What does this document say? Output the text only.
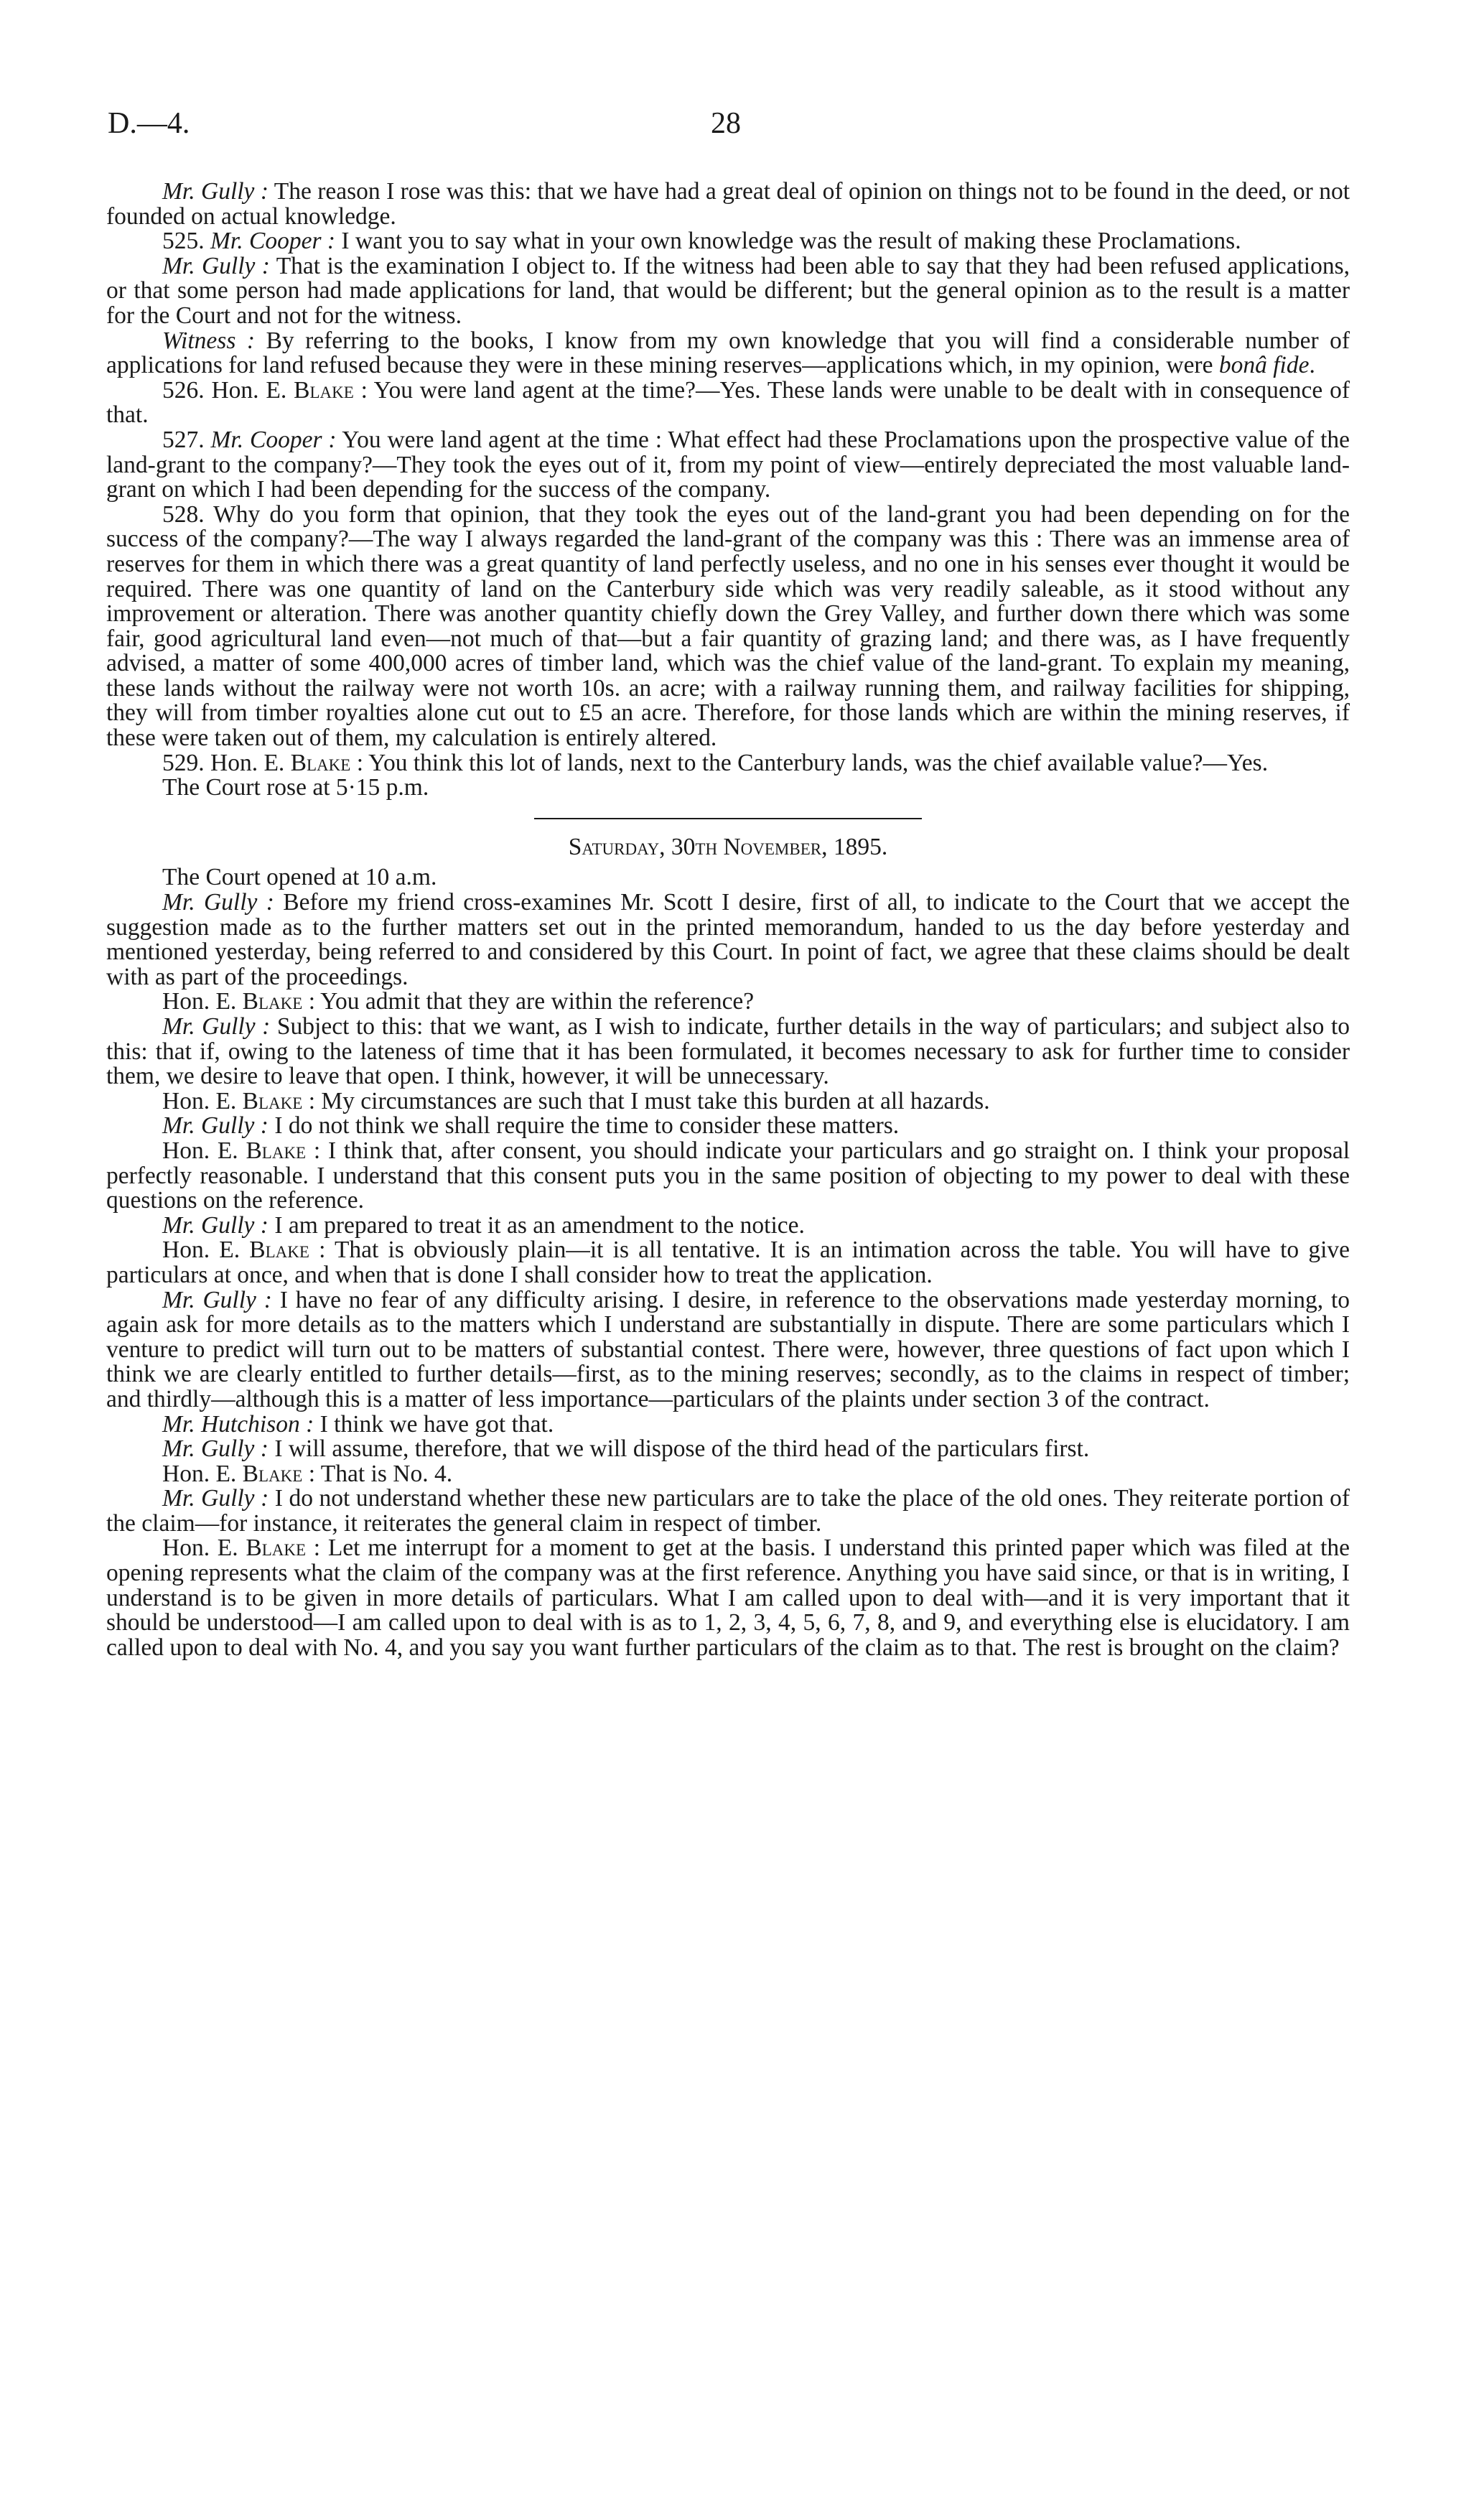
D.—4.	28

Mr. Gully : The reason I rose was this: that we have had a great deal of opinion on things not to be found in the deed, or not founded on actual knowledge.

525. Mr. Cooper : I want you to say what in your own knowledge was the result of making these Proclamations.

Mr. Gully : That is the examination I object to. If the witness had been able to say that they had been refused applications, or that some person had made applications for land, that would be different; but the general opinion as to the result is a matter for the Court and not for the witness.

Witness : By referring to the books, I know from my own knowledge that you will find a considerable number of applications for land refused because they were in these mining reserves—applications which, in my opinion, were bonâ fide.

526. Hon. E. Blake : You were land agent at the time?—Yes. These lands were unable to be dealt with in consequence of that.

527. Mr. Cooper : You were land agent at the time : What effect had these Proclamations upon the prospective value of the land-grant to the company?—They took the eyes out of it, from my point of view—entirely depreciated the most valuable land-grant on which I had been depending for the success of the company.

528. Why do you form that opinion, that they took the eyes out of the land-grant you had been depending on for the success of the company?—The way I always regarded the land-grant of the company was this : There was an immense area of reserves for them in which there was a great quantity of land perfectly useless, and no one in his senses ever thought it would be required. There was one quantity of land on the Canterbury side which was very readily saleable, as it stood without any improvement or alteration. There was another quantity chiefly down the Grey Valley, and further down there which was some fair, good agricultural land even—not much of that—but a fair quantity of grazing land; and there was, as I have frequently advised, a matter of some 400,000 acres of timber land, which was the chief value of the land-grant. To explain my meaning, these lands without the railway were not worth 10s. an acre; with a railway running them, and railway facilities for shipping, they will from timber royalties alone cut out to £5 an acre. Therefore, for those lands which are within the mining reserves, if these were taken out of them, my calculation is entirely altered.

529. Hon. E. Blake : You think this lot of lands, next to the Canterbury lands, was the chief available value?—Yes.

The Court rose at 5·15 p.m.

Saturday, 30th November, 1895.

The Court opened at 10 a.m.

Mr. Gully : Before my friend cross-examines Mr. Scott I desire, first of all, to indicate to the Court that we accept the suggestion made as to the further matters set out in the printed memorandum, handed to us the day before yesterday and mentioned yesterday, being referred to and considered by this Court. In point of fact, we agree that these claims should be dealt with as part of the proceedings.

Hon. E. Blake : You admit that they are within the reference?

Mr. Gully : Subject to this: that we want, as I wish to indicate, further details in the way of particulars; and subject also to this: that if, owing to the lateness of time that it has been formulated, it becomes necessary to ask for further time to consider them, we desire to leave that open. I think, however, it will be unnecessary.

Hon. E. Blake : My circumstances are such that I must take this burden at all hazards.

Mr. Gully : I do not think we shall require the time to consider these matters.

Hon. E. Blake : I think that, after consent, you should indicate your particulars and go straight on. I think your proposal perfectly reasonable. I understand that this consent puts you in the same position of objecting to my power to deal with these questions on the reference.

Mr. Gully : I am prepared to treat it as an amendment to the notice.

Hon. E. Blake : That is obviously plain—it is all tentative. It is an intimation across the table. You will have to give particulars at once, and when that is done I shall consider how to treat the application.

Mr. Gully : I have no fear of any difficulty arising. I desire, in reference to the observations made yesterday morning, to again ask for more details as to the matters which I understand are substantially in dispute. There are some particulars which I venture to predict will turn out to be matters of substantial contest. There were, however, three questions of fact upon which I think we are clearly entitled to further details—first, as to the mining reserves; secondly, as to the claims in respect of timber; and thirdly—although this is a matter of less importance—particulars of the plaints under section 3 of the contract.

Mr. Hutchison : I think we have got that.

Mr. Gully : I will assume, therefore, that we will dispose of the third head of the particulars first.

Hon. E. Blake : That is No. 4.

Mr. Gully : I do not understand whether these new particulars are to take the place of the old ones. They reiterate portion of the claim—for instance, it reiterates the general claim in respect of timber.

Hon. E. Blake : Let me interrupt for a moment to get at the basis. I understand this printed paper which was filed at the opening represents what the claim of the company was at the first reference. Anything you have said since, or that is in writing, I understand is to be given in more details of particulars. What I am called upon to deal with—and it is very important that it should be understood—I am called upon to deal with is as to 1, 2, 3, 4, 5, 6, 7, 8, and 9, and everything else is elucidatory. I am called upon to deal with No. 4, and you say you want further particulars of the claim as to that. The rest is brought on the claim?
